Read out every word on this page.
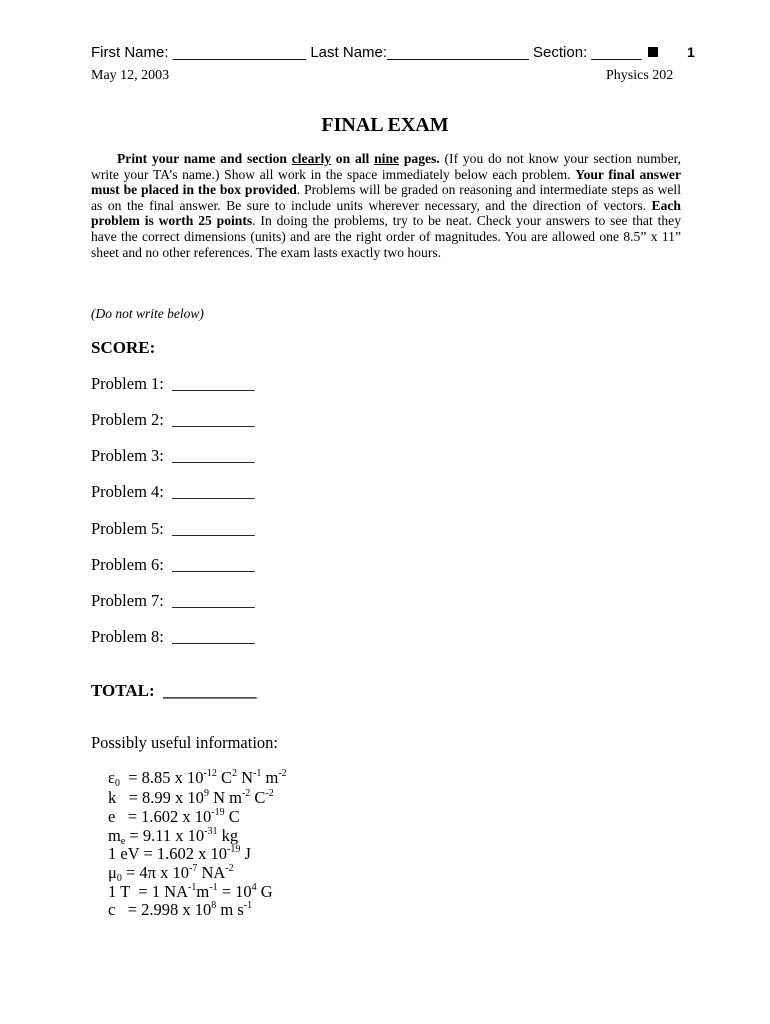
First Name: ________________ Last Name:_________________ Section: ______	1
May 12, 2003	Physics 202
FINAL EXAM
Print your name and section clearly on all nine pages. (If you do not know your section number, write your TA’s name.) Show all work in the space immediately below each problem. Your final answer must be placed in the box provided. Problems will be graded on reasoning and intermediate steps as well as on the final answer. Be sure to include units wherever necessary, and the direction of vectors. Each problem is worth 25 points. In doing the problems, try to be neat. Check your answers to see that they have the correct dimensions (units) and are the right order of magnitudes. You are allowed one 8.5” x 11” sheet and no other references. The exam lasts exactly two hours.
(Do not write below)
SCORE:
Problem 1: __________
Problem 2: __________
Problem 3: __________
Problem 4: __________
Problem 5: __________
Problem 6: __________
Problem 7: __________
Problem 8: __________
TOTAL: ___________
Possibly useful information:
$\varepsilon_0 = 8.85$ x $10^{-12}$ $C^2$ $N^{-1}$ $m^{-2}$
k   = 8.99 x $10^9$ N $m^{-2}$ $C^{-2}$
e   = 1.602 x $10^{-19}$ C
$m_e = 9.11$ x $10^{-31}$ kg
1 eV = 1.602 x $10^{-19}$ J
$\mu_0 = 4\pi$ x $10^{-7}$ $NA^{-2}$
1 T  = 1 $NA^{-1}m^{-1} = 10^4$ G
c   = 2.998 x $10^8$ m $s^{-1}$
